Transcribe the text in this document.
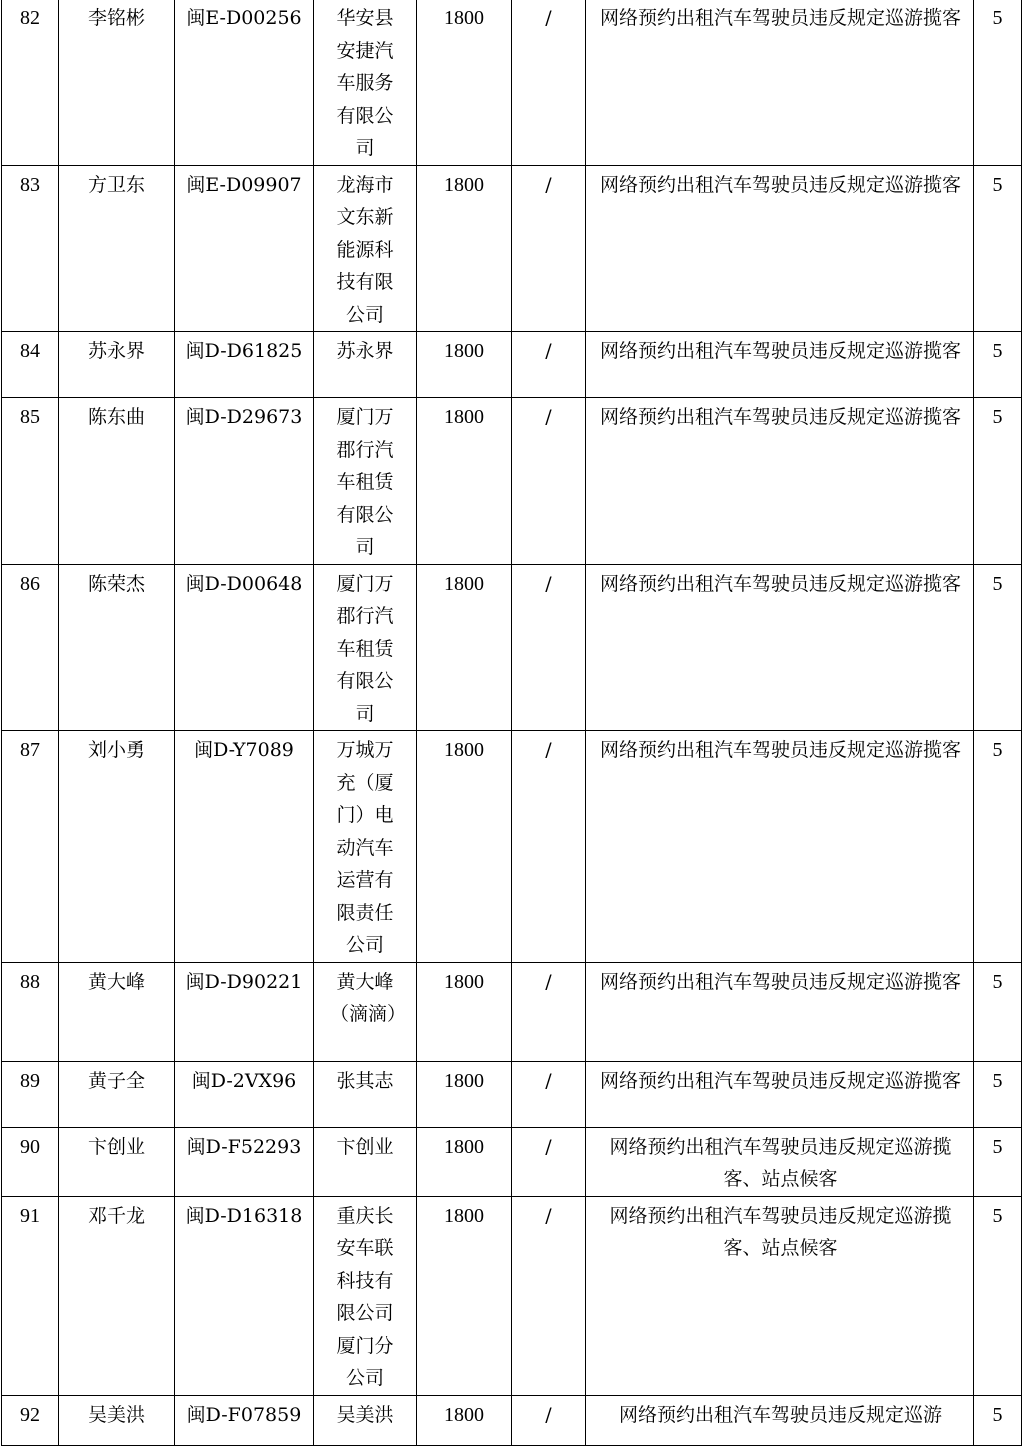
82	李铭彬	闽E-D00256	华安县安捷汽车服务有限公司	1800	/	网络预约出租汽车驾驶员违反规定巡游揽客	5
83	方卫东	闽E-D09907	龙海市文东新能源科技有限公司	1800	/	网络预约出租汽车驾驶员违反规定巡游揽客	5
84	苏永界	闽D-D61825	苏永界	1800	/	网络预约出租汽车驾驶员违反规定巡游揽客	5
85	陈东曲	闽D-D29673	厦门万郡行汽车租赁有限公司	1800	/	网络预约出租汽车驾驶员违反规定巡游揽客	5
86	陈荣杰	闽D-D00648	厦门万郡行汽车租赁有限公司	1800	/	网络预约出租汽车驾驶员违反规定巡游揽客	5
87	刘小勇	闽D-Y7089	万城万充（厦门）电动汽车运营有限责任公司	1800	/	网络预约出租汽车驾驶员违反规定巡游揽客	5
88	黄大峰	闽D-D90221	黄大峰（滴滴）	1800	/	网络预约出租汽车驾驶员违反规定巡游揽客	5
89	黄子全	闽D-2VX96	张其志	1800	/	网络预约出租汽车驾驶员违反规定巡游揽客	5
90	卞创业	闽D-F52293	卞创业	1800	/	网络预约出租汽车驾驶员违反规定巡游揽客、站点候客	5
91	邓千龙	闽D-D16318	重庆长安车联科技有限公司厦门分公司	1800	/	网络预约出租汽车驾驶员违反规定巡游揽客、站点候客	5
92	吴美洪	闽D-F07859	吴美洪	1800	/	网络预约出租汽车驾驶员违反规定巡游	5
